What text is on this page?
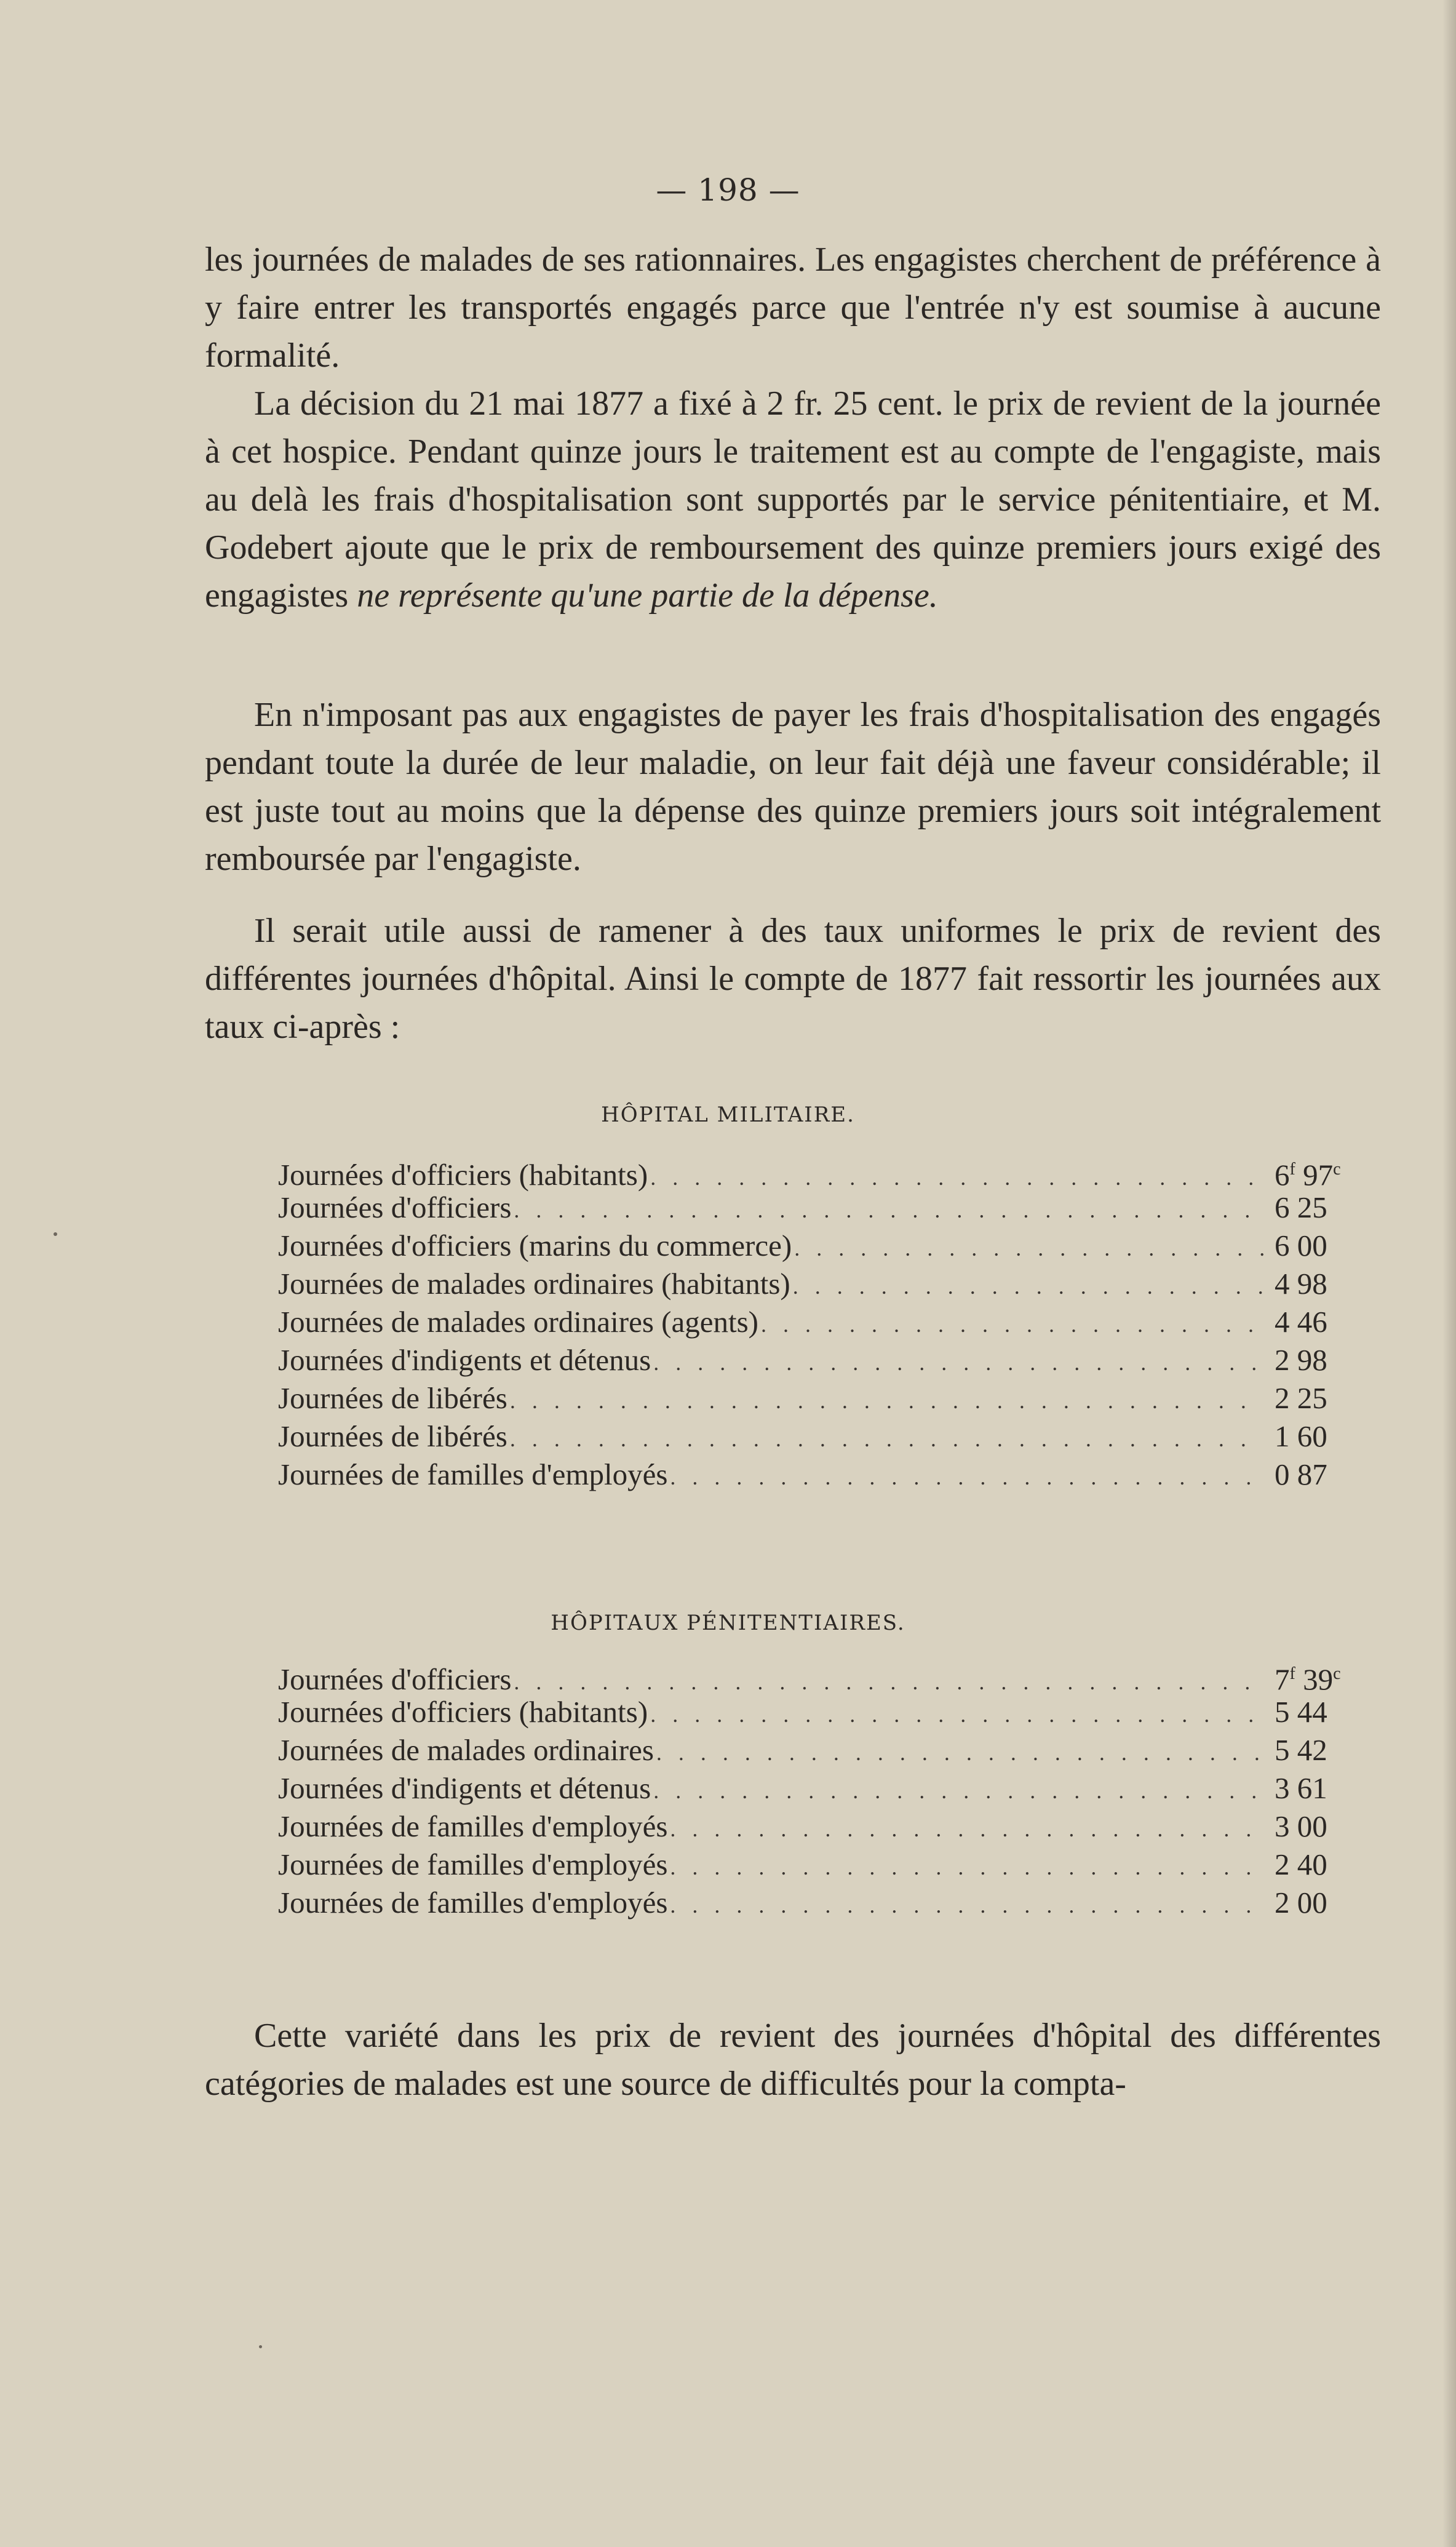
— 198 —

les journées de malades de ses rationnaires. Les engagistes cherchent de préférence à y faire entrer les transportés engagés parce que l'entrée n'y est soumise à aucune formalité.

La décision du 21 mai 1877 a fixé à 2 fr. 25 cent. le prix de revient de la journée à cet hospice. Pendant quinze jours le traitement est au compte de l'engagiste, mais au delà les frais d'hospitalisation sont supportés par le service pénitentiaire, et M. Godebert ajoute que le prix de remboursement des quinze premiers jours exigé des engagistes ne représente qu'une partie de la dépense.

En n'imposant pas aux engagistes de payer les frais d'hospitalisation des engagés pendant toute la durée de leur maladie, on leur fait déjà une faveur considérable; il est juste tout au moins que la dépense des quinze premiers jours soit intégralement remboursée par l'engagiste.

Il serait utile aussi de ramener à des taux uniformes le prix de revient des différentes journées d'hôpital. Ainsi le compte de 1877 fait ressortir les journées aux taux ci-après :

HÔPITAL MILITAIRE.
Journées d'officiers (habitants) . . .	6$^f$ 97$^c$
Journées d'officiers . . .	6 25
Journées d'officiers (marins du commerce) . . .	6 00
Journées de malades ordinaires (habitants) . . .	4 98
Journées de malades ordinaires (agents) . . .	4 46
Journées d'indigents et détenus . . .	2 98
Journées de libérés . . .	2 25
Journées de libérés . . .	1 60
Journées de familles d'employés . . .	0 87
HÔPITAUX PÉNITENTIAIRES.
Journées d'officiers . . .	7$^f$ 39$^c$
Journées d'officiers (habitants) . . .	5 44
Journées de malades ordinaires . . .	5 42
Journées d'indigents et détenus . . .	3 61
Journées de familles d'employés . . .	3 00
Journées de familles d'employés . . .	2 40
Journées de familles d'employés . . .	2 00

Cette variété dans les prix de revient des journées d'hôpital des différentes catégories de malades est une source de difficultés pour la compta-
